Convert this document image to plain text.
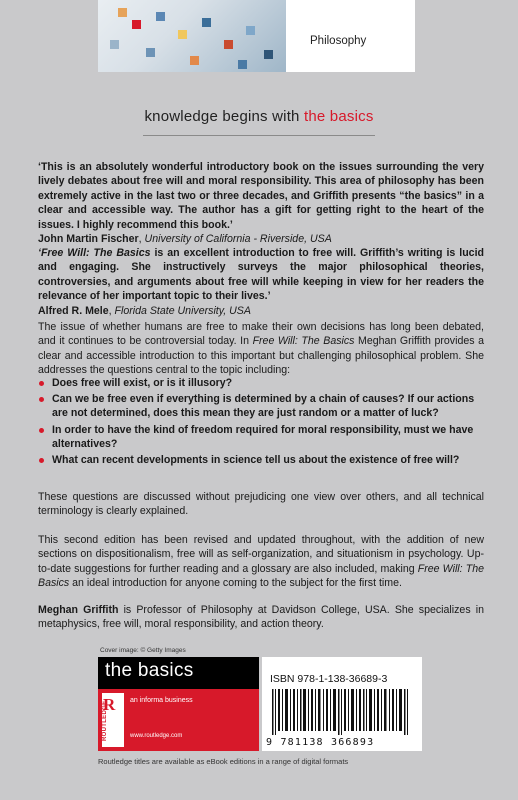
Philosophy
knowledge begins with the basics
‘This is an absolutely wonderful introductory book on the issues surrounding the very lively debates about free will and moral responsibility. This area of philosophy has been extremely active in the last two or three decades, and Griffith presents “the basics” in a clear and accessible way. The author has a gift for getting right to the heart of the issues. I highly recommend this book.’
John Martin Fischer, University of California - Riverside, USA
‘Free Will: The Basics is an excellent introduction to free will. Griffith’s writing is lucid and engaging. She instructively surveys the major philosophical theories, controversies, and arguments about free will while keeping in view for her readers the relevance of her important topic to their lives.’
Alfred R. Mele, Florida State University, USA
The issue of whether humans are free to make their own decisions has long been debated, and it continues to be controversial today. In Free Will: The Basics Meghan Griffith provides a clear and accessible introduction to this important but challenging philosophical problem. She addresses the questions central to the topic including:
Does free will exist, or is it illusory?
Can we be free even if everything is determined by a chain of causes? If our actions are not determined, does this mean they are just random or a matter of luck?
In order to have the kind of freedom required for moral responsibility, must we have alternatives?
What can recent developments in science tell us about the existence of free will?
These questions are discussed without prejudicing one view over others, and all technical terminology is clearly explained.
This second edition has been revised and updated throughout, with the addition of new sections on dispositionalism, free will as self-organization, and situationism in psychology. Up-to-date suggestions for further reading and a glossary are also included, making Free Will: The Basics an ideal introduction for anyone coming to the subject for the first time.
Meghan Griffith is Professor of Philosophy at Davidson College, USA. She specializes in metaphysics, free will, moral responsibility, and action theory.
Cover image: © Getty Images
the basics
R
ROUTLEDGE
an informa business
www.routledge.com
ISBN 978-1-138-36689-3
9 781138 366893
Routledge titles are available as eBook editions in a range of digital formats
